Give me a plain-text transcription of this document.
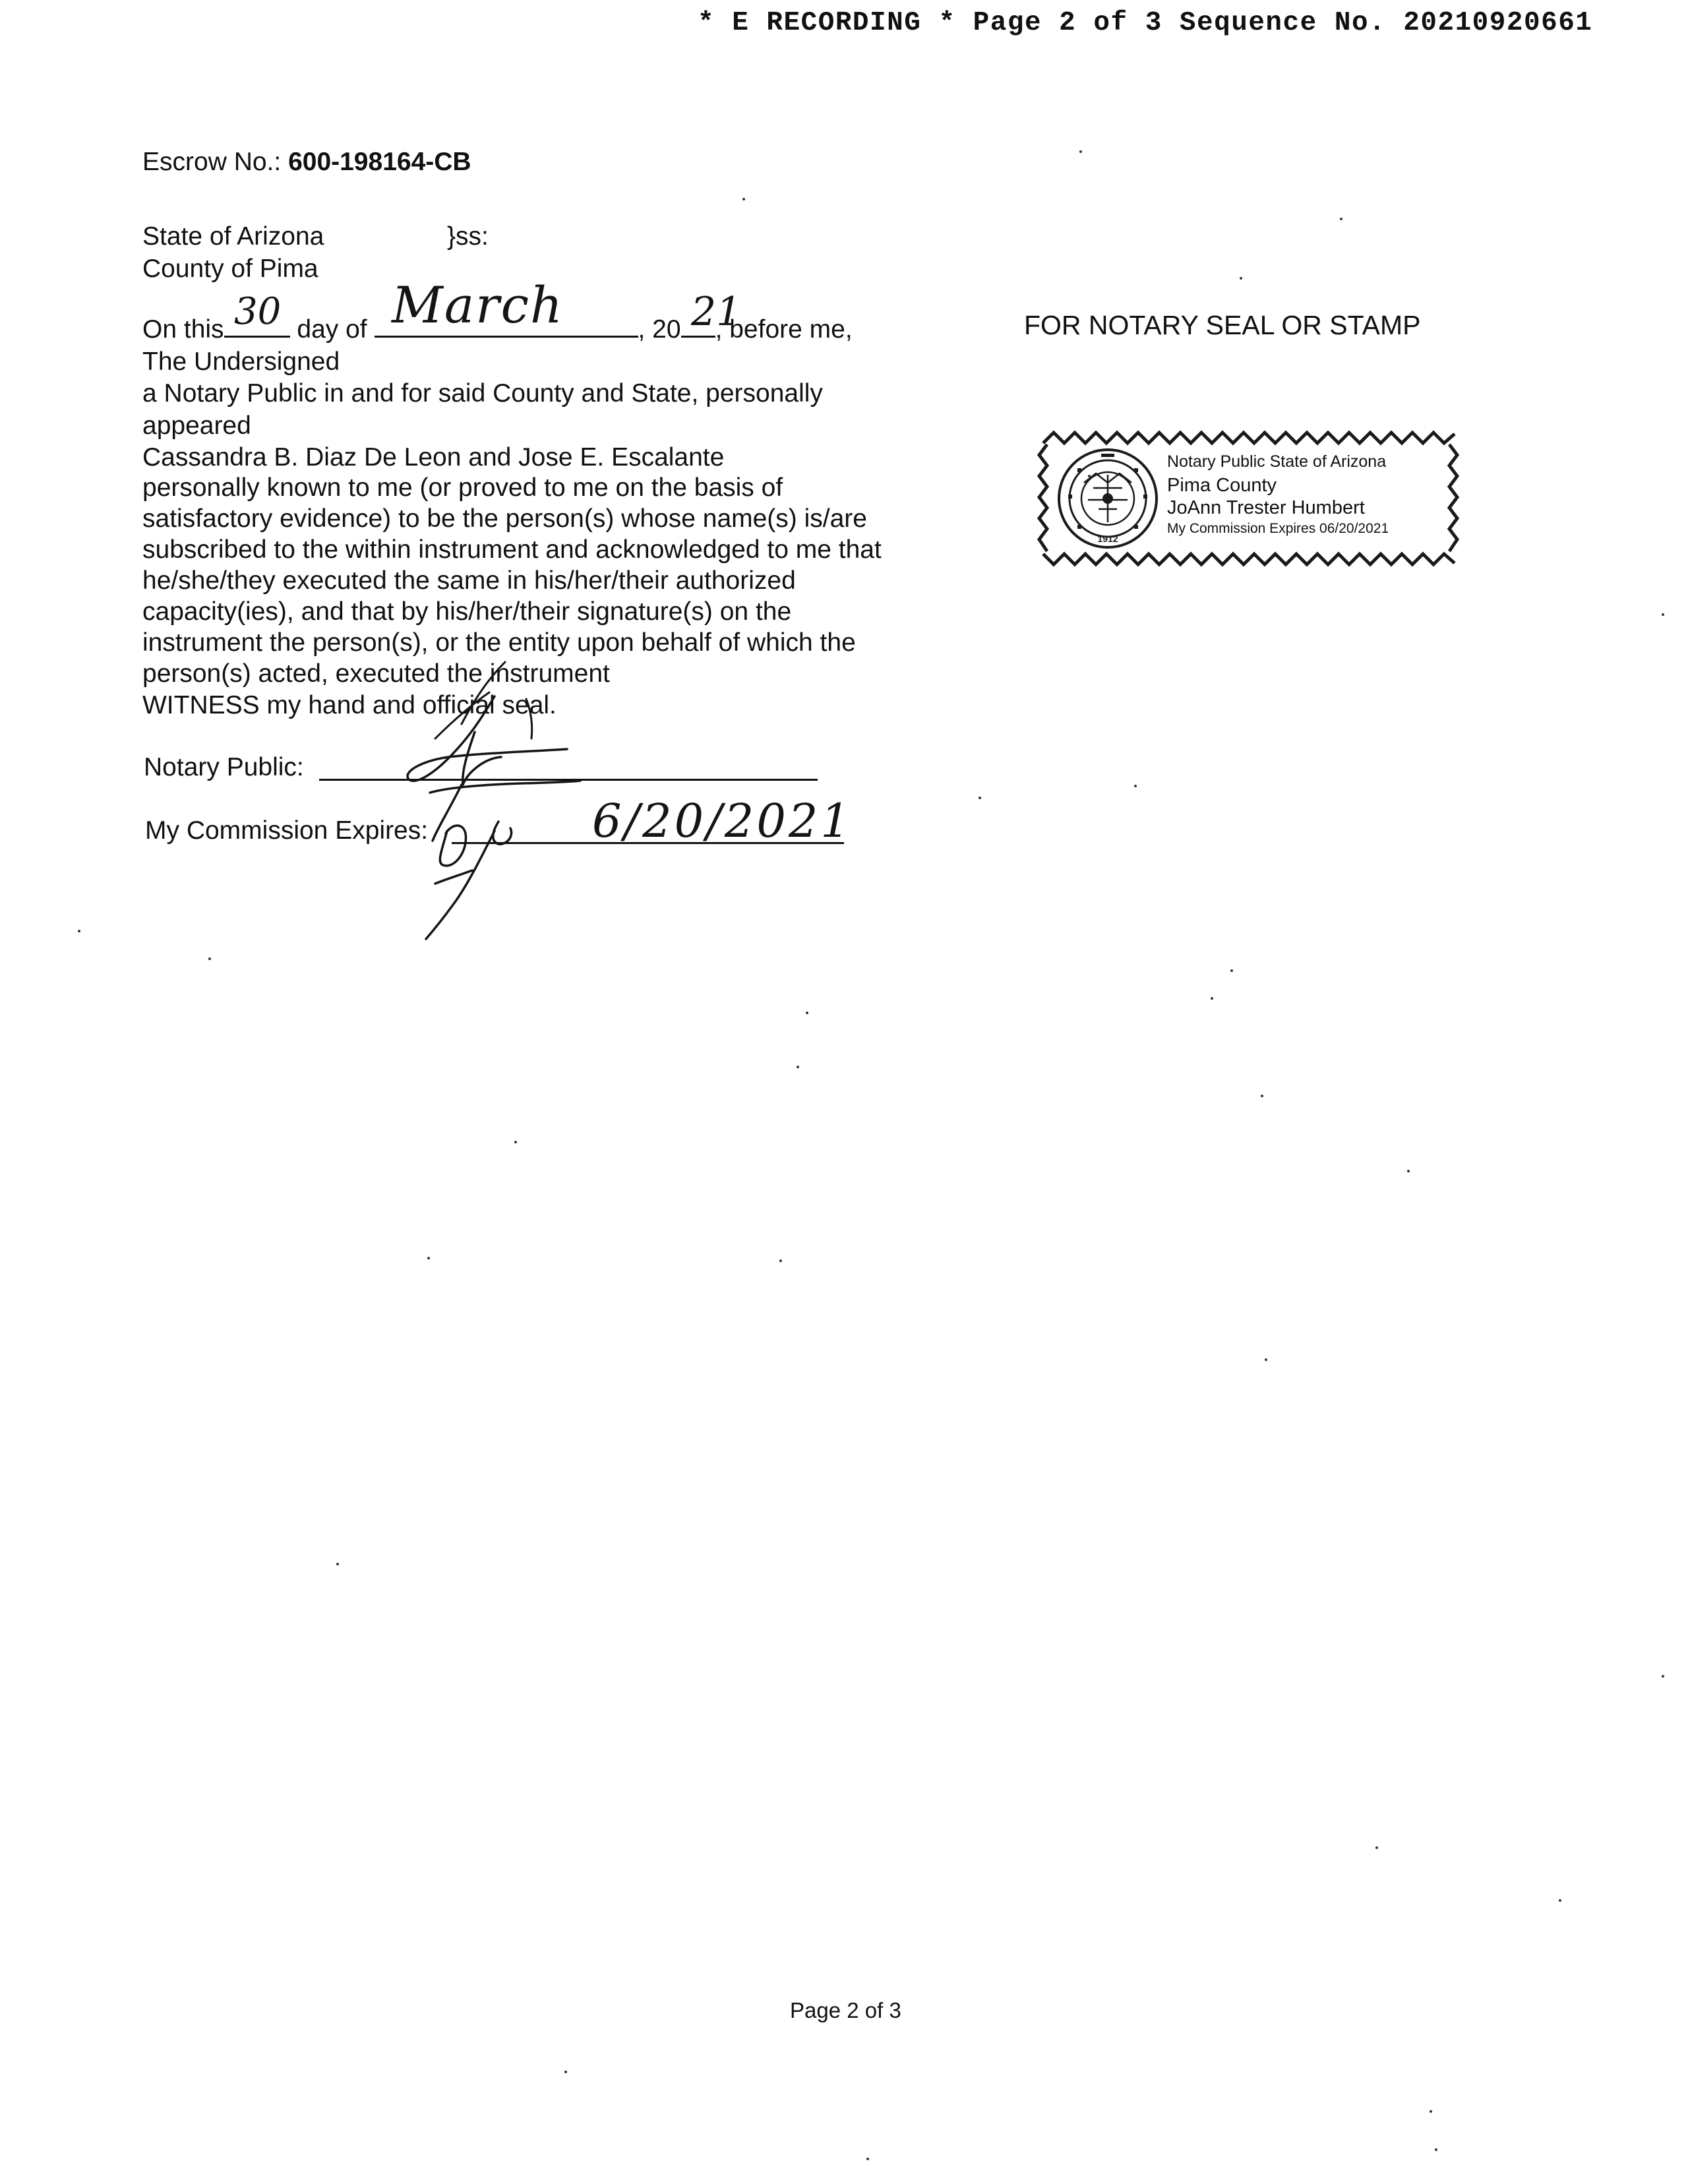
* E RECORDING * Page 2 of 3 Sequence No. 20210920661
Escrow No.: 600-198164-CB
State of Arizona	}ss:
County of Pima
On this	day of	, 20 , before me,
30 March	21
The Undersigned
a Notary Public in and for said County and State, personally
appeared
Cassandra B. Diaz De Leon and Jose E. Escalante
personally known to me (or proved to me on the basis of
satisfactory evidence) to be the person(s) whose name(s) is/are
subscribed to the within instrument and acknowledged to me that
he/she/they executed the same in his/her/their authorized
capacity(ies), and that by his/her/their signature(s) on the
instrument the person(s), or the entity upon behalf of which the
person(s) acted, executed the instrument
WITNESS my hand and official seal.
Notary Public:
My Commission Expires:	6/20/2021
FOR NOTARY SEAL OR STAMP
1912
Notary Public State of Arizona
Pima County
JoAnn Trester Humbert
My Commission Expires 06/20/2021
Page 2 of 3
